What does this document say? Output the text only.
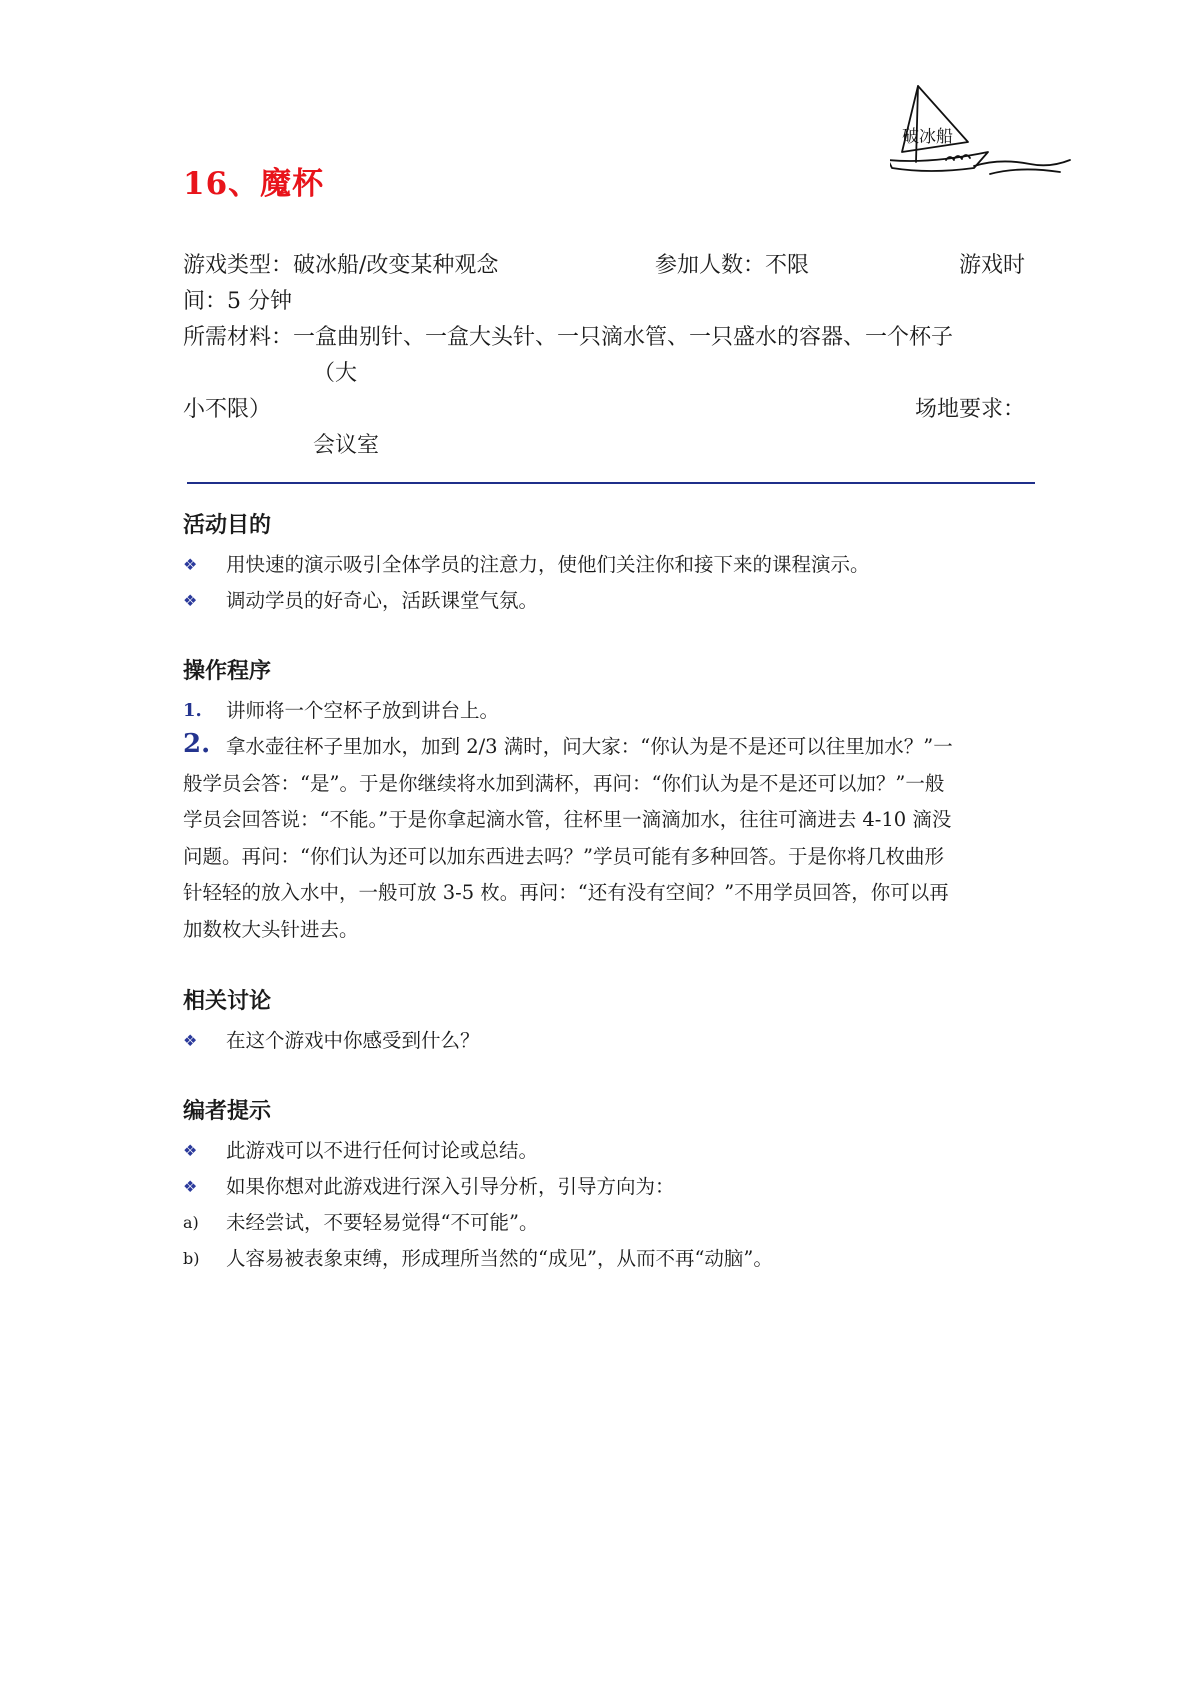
破冰船
16、魔杯
游戏类型：破冰船/改变某种观念	参加人数：不限	游戏时
间：5 分钟
所需材料：一盒曲别针、一盒大头针、一只滴水管、一只盛水的容器、一个杯子
（大
小不限）	场地要求：
会议室
活动目的
❖	用快速的演示吸引全体学员的注意力，使他们关注你和接下来的课程演示。
❖	调动学员的好奇心，活跃课堂气氛。
操作程序
1. 讲师将一个空杯子放到讲台上。
2. 拿水壶往杯子里加水，加到 2/3 满时，问大家：“你认为是不是还可以往里加水？”一
般学员会答：“是”。于是你继续将水加到满杯，再问：“你们认为是不是还可以加？”一般
学员会回答说：“不能。”于是你拿起滴水管，往杯里一滴滴加水，往往可滴进去 4-10 滴没
问题。再问：“你们认为还可以加东西进去吗？”学员可能有多种回答。于是你将几枚曲形
针轻轻的放入水中，一般可放 3-5 枚。再问：“还有没有空间？”不用学员回答，你可以再
加数枚大头针进去。
相关讨论
❖	在这个游戏中你感受到什么？
编者提示
❖	此游戏可以不进行任何讨论或总结。
❖	如果你想对此游戏进行深入引导分析，引导方向为：
a) 未经尝试，不要轻易觉得“不可能”。
b) 人容易被表象束缚，形成理所当然的“成见”，从而不再“动脑”。
